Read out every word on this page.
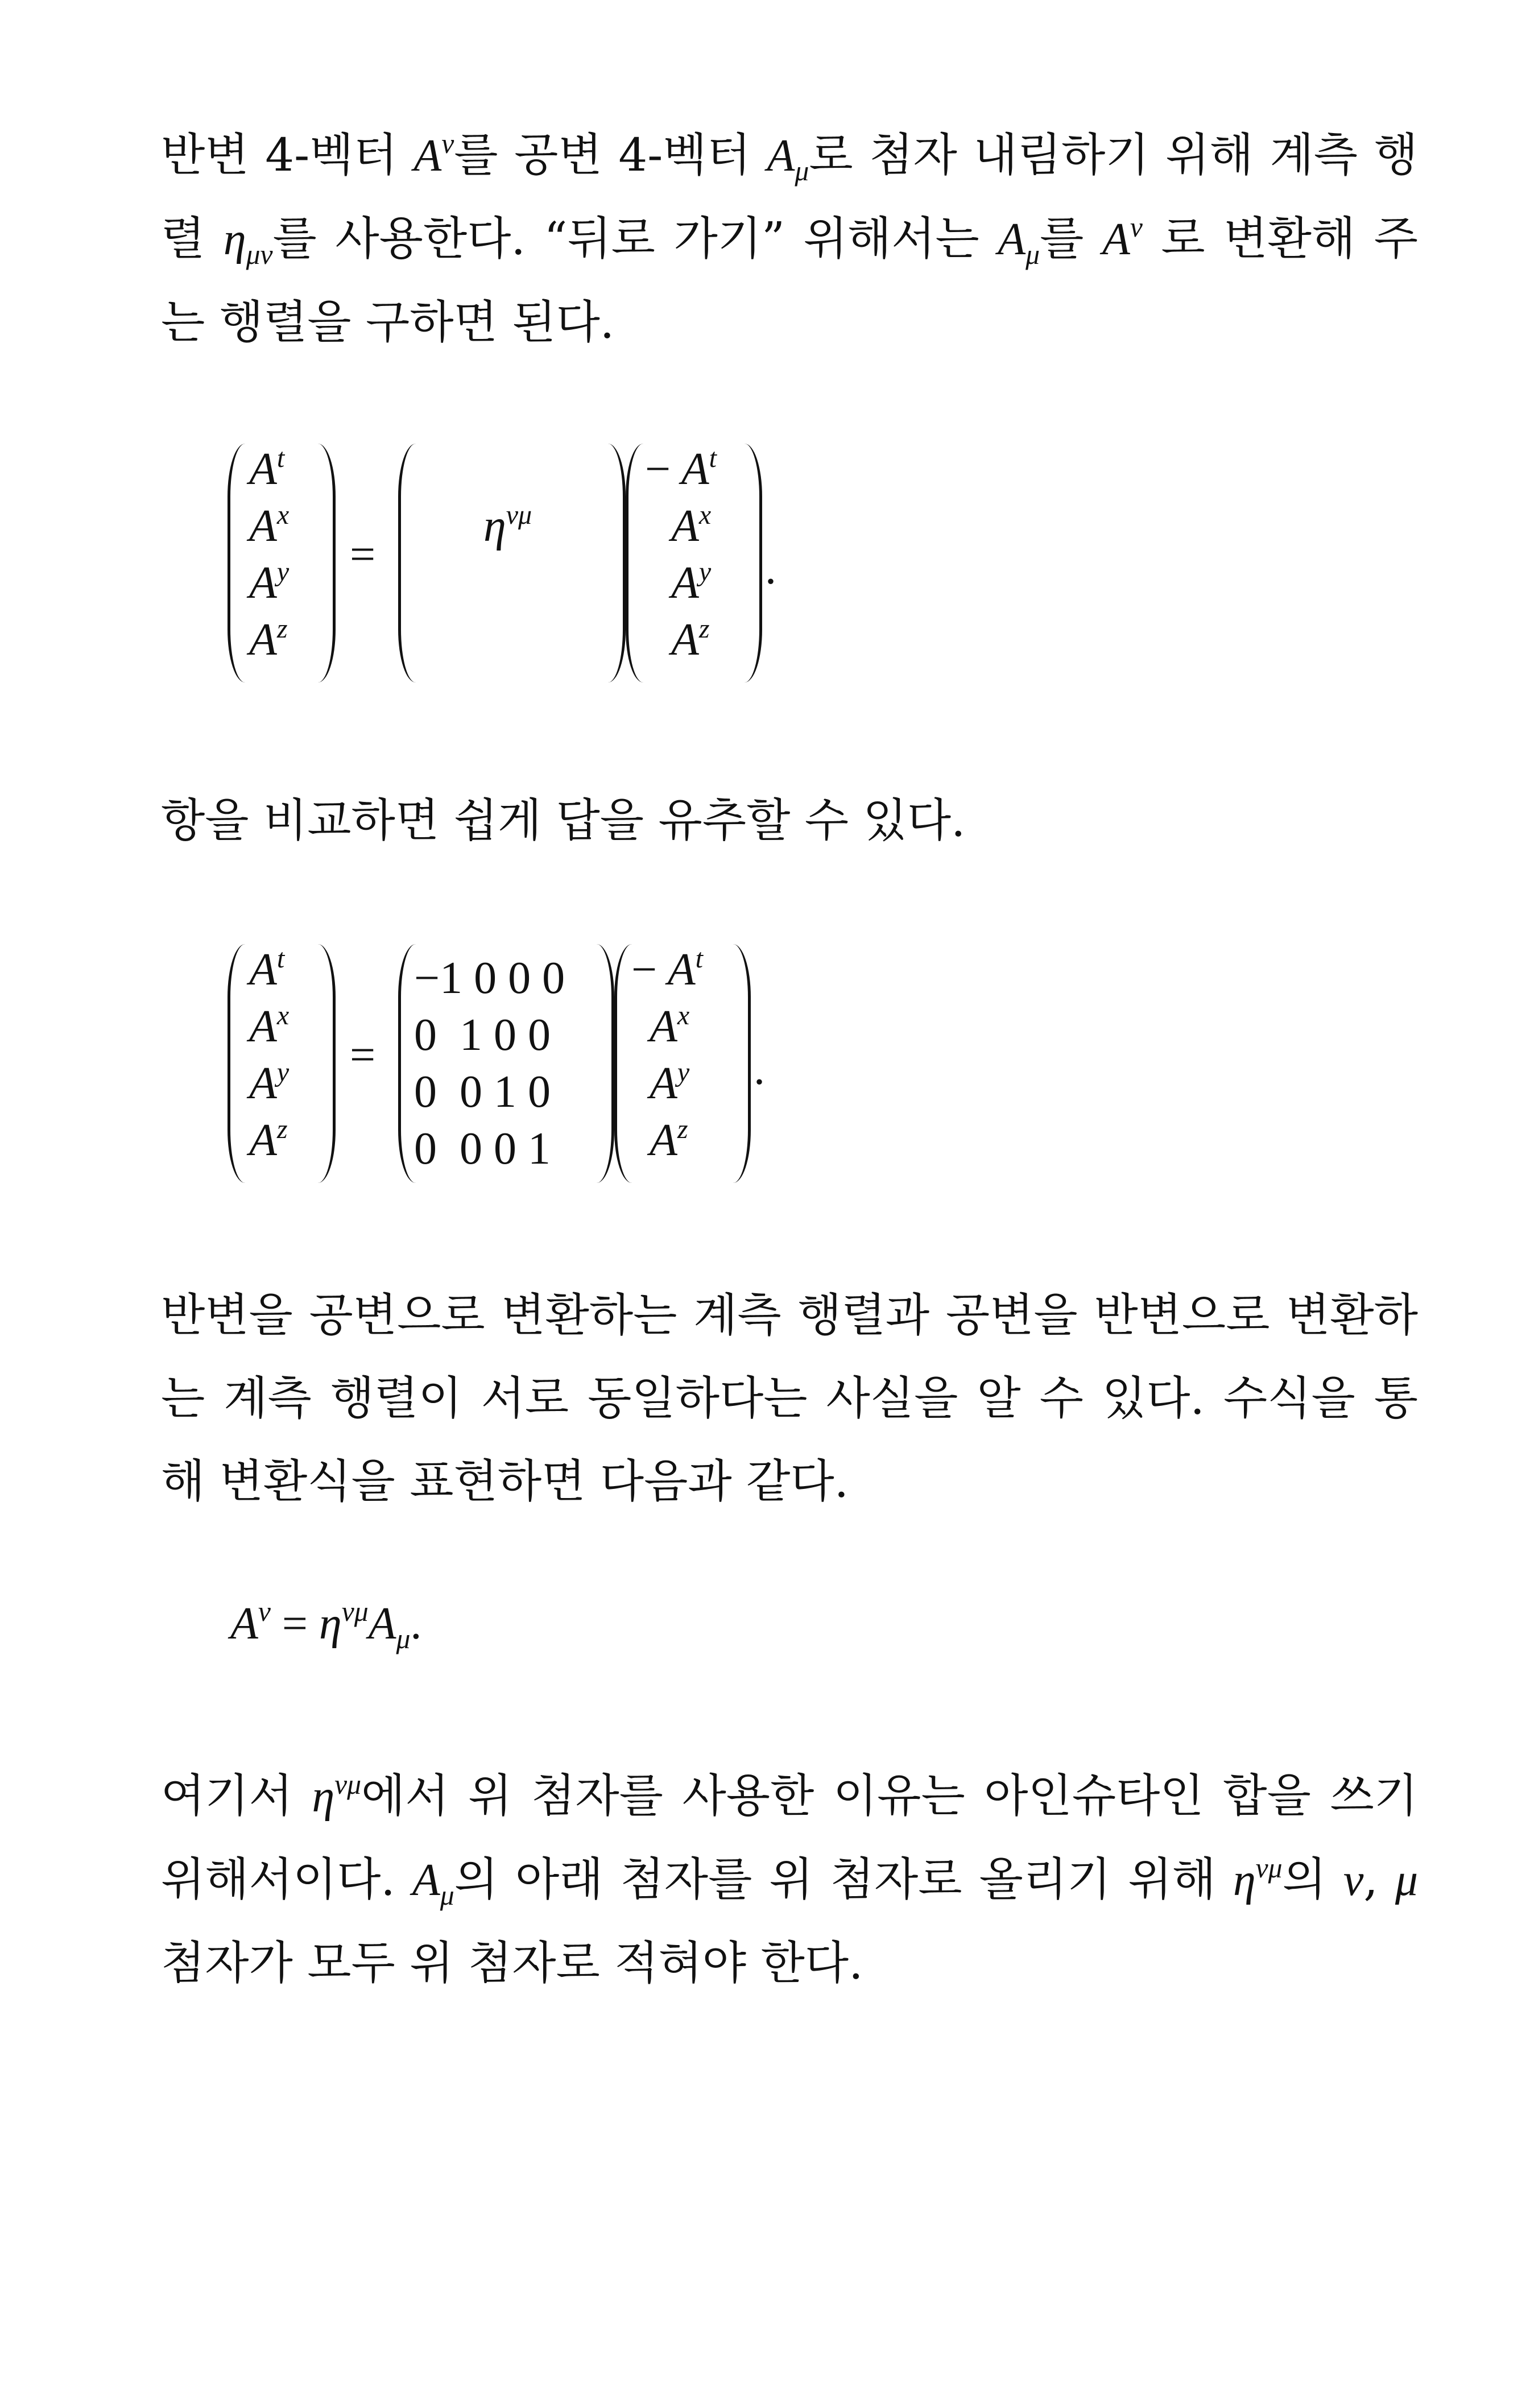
반변 4-벡터 $A^\nu$를 공변 4-벡터 $A_\mu$로 첨자 내림하기 위해 계측 행렬 $\eta_{\mu\nu}$를 사용한다. “뒤로 가기” 위해서는 $A_\mu$를 $A^\nu$ 로 변환해 주는 행렬을 구하면 된다.

$A^t$
$A^x$
$A^y$
$A^z$
=
$\eta^{\nu\mu}$
− $A^t$
$A^x$
$A^y$
$A^z$
.

항을 비교하면 쉽게 답을 유추할 수 있다.

$A^t$
$A^x$
$A^y$
$A^z$
=
−1 0 0 0
0  1 0 0
0  0 1 0
0  0 0 1
− $A^t$
$A^x$
$A^y$
$A^z$
.

반변을 공변으로 변환하는 계측 행렬과 공변을 반변으로 변환하는 계측 행렬이 서로 동일하다는 사실을 알 수 있다. 수식을 통해 변환식을 표현하면 다음과 같다.

$A^\nu = \eta^{\nu\mu}A_\mu$.

여기서 $\eta^{\nu\mu}$에서 위 첨자를 사용한 이유는 아인슈타인 합을 쓰기 위해서이다. $A_\mu$의 아래 첨자를 위 첨자로 올리기 위해 $\eta^{\nu\mu}$의 ν, μ 첨자가 모두 위 첨자로 적혀야 한다.
